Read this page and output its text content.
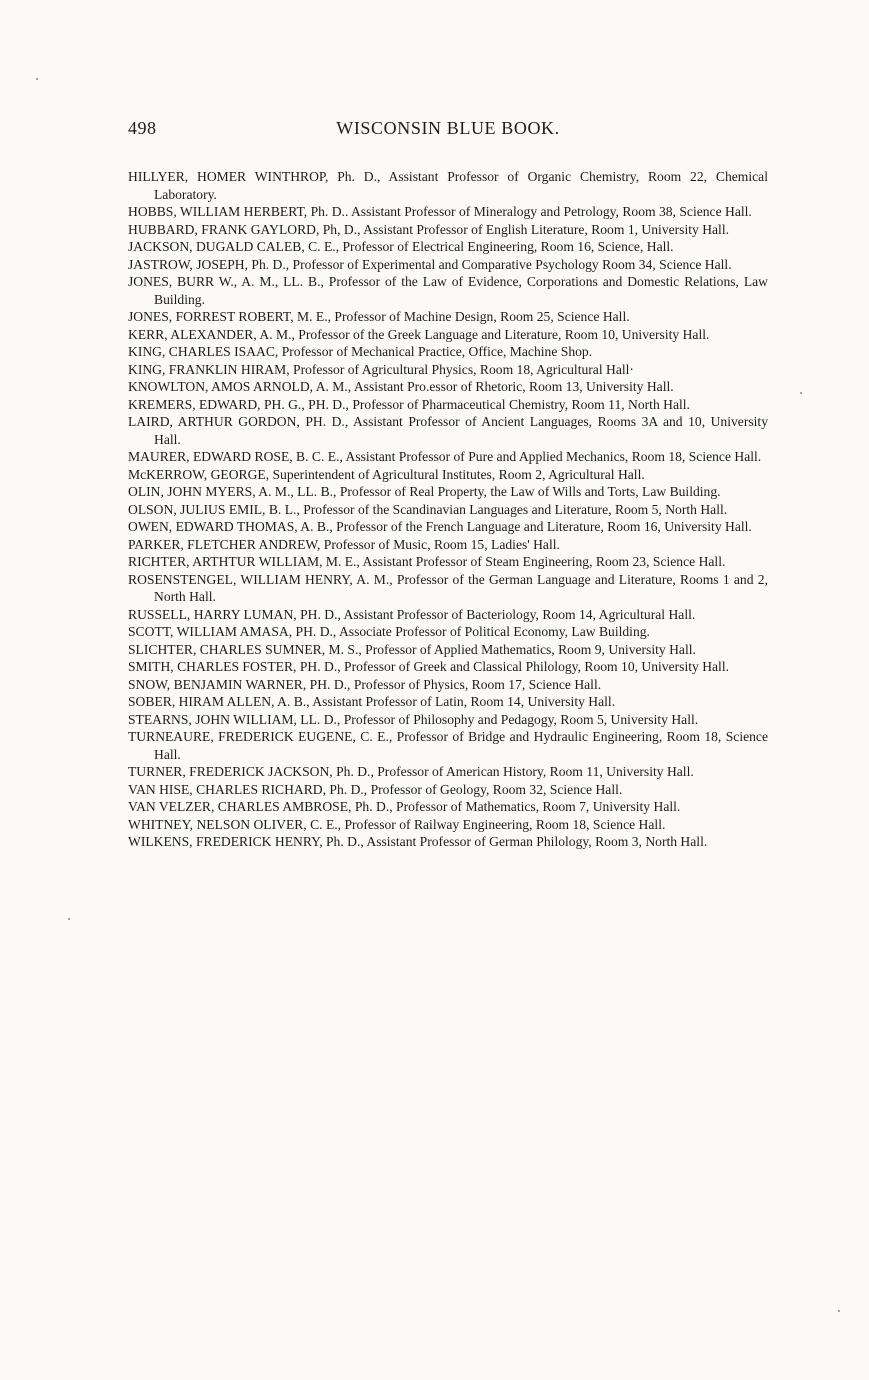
498	WISCONSIN BLUE BOOK.

HILLYER, HOMER WINTHROP, Ph. D., Assistant Professor of Organic Chemistry, Room 22, Chemical Laboratory.

HOBBS, WILLIAM HERBERT, Ph. D.. Assistant Professor of Mineralogy and Petrology, Room 38, Science Hall.

HUBBARD, FRANK GAYLORD, Ph, D., Assistant Professor of English Literature, Room 1, University Hall.

JACKSON, DUGALD CALEB, C. E., Professor of Electrical Engineering, Room 16, Science, Hall.

JASTROW, JOSEPH, Ph. D., Professor of Experimental and Comparative Psychology Room 34, Science Hall.

JONES, BURR W., A. M., LL. B., Professor of the Law of Evidence, Corporations and Domestic Relations, Law Building.

JONES, FORREST ROBERT, M. E., Professor of Machine Design, Room 25, Science Hall.

KERR, ALEXANDER, A. M., Professor of the Greek Language and Literature, Room 10, University Hall.

KING, CHARLES ISAAC, Professor of Mechanical Practice, Office, Machine Shop.

KING, FRANKLIN HIRAM, Professor of Agricultural Physics, Room 18, Agricultural Hall·

KNOWLTON, AMOS ARNOLD, A. M., Assistant Pro.essor of Rhetoric, Room 13, University Hall.

KREMERS, EDWARD, PH. G., PH. D., Professor of Pharmaceutical Chemistry, Room 11, North Hall.

LAIRD, ARTHUR GORDON, PH. D., Assistant Professor of Ancient Languages, Rooms 3A and 10, University Hall.

MAURER, EDWARD ROSE, B. C. E., Assistant Professor of Pure and Applied Mechanics, Room 18, Science Hall.

McKERROW, GEORGE, Superintendent of Agricultural Institutes, Room 2, Agricultural Hall.

OLIN, JOHN MYERS, A. M., LL. B., Professor of Real Property, the Law of Wills and Torts, Law Building.

OLSON, JULIUS EMIL, B. L., Professor of the Scandinavian Languages and Literature, Room 5, North Hall.

OWEN, EDWARD THOMAS, A. B., Professor of the French Language and Literature, Room 16, University Hall.

PARKER, FLETCHER ANDREW, Professor of Music, Room 15, Ladies' Hall.

RICHTER, ARTHTUR WILLIAM, M. E., Assistant Professor of Steam Engineering, Room 23, Science Hall.

ROSENSTENGEL, WILLIAM HENRY, A. M., Professor of the German Language and Literature, Rooms 1 and 2, North Hall.

RUSSELL, HARRY LUMAN, PH. D., Assistant Professor of Bacteriology, Room 14, Agricultural Hall.

SCOTT, WILLIAM AMASA, PH. D., Associate Professor of Political Economy, Law Building.

SLICHTER, CHARLES SUMNER, M. S., Professor of Applied Mathematics, Room 9, University Hall.

SMITH, CHARLES FOSTER, PH. D., Professor of Greek and Classical Philology, Room 10, University Hall.

SNOW, BENJAMIN WARNER, PH. D., Professor of Physics, Room 17, Science Hall.

SOBER, HIRAM ALLEN, A. B., Assistant Professor of Latin, Room 14, University Hall.

STEARNS, JOHN WILLIAM, LL. D., Professor of Philosophy and Pedagogy, Room 5, University Hall.

TURNEAURE, FREDERICK EUGENE, C. E., Professor of Bridge and Hydraulic Engineering, Room 18, Science Hall.

TURNER, FREDERICK JACKSON, Ph. D., Professor of American History, Room 11, University Hall.

VAN HISE, CHARLES RICHARD, Ph. D., Professor of Geology, Room 32, Science Hall.

VAN VELZER, CHARLES AMBROSE, Ph. D., Professor of Mathematics, Room 7, University Hall.

WHITNEY, NELSON OLIVER, C. E., Professor of Railway Engineering, Room 18, Science Hall.

WILKENS, FREDERICK HENRY, Ph. D., Assistant Professor of German Philology, Room 3, North Hall.
